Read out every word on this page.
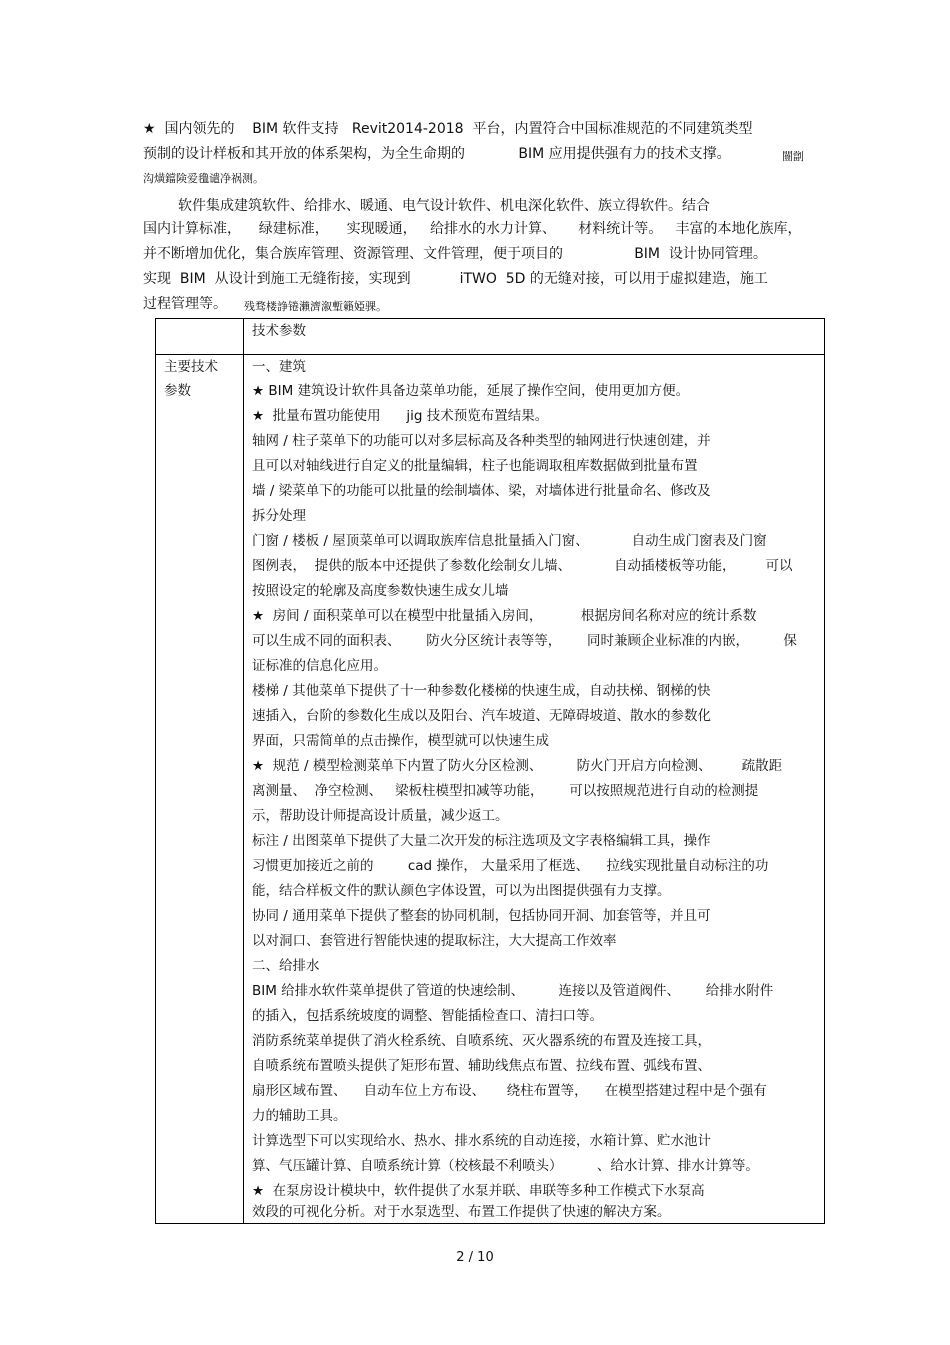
★  国内领先的    BIM 软件支持   Revit2014-2018  平台，内置符合中国标准规范的不同建筑类型
预制的设计样板和其开放的体系架构，为全生命期的            BIM 应用提供强有力的技术支撑。	闓劏
沟熿鐺険爱氇谴净祸测。
软件集成建筑软件、给排水、暖通、电气设计软件、机电深化软件、族立得软件。结合
国内计算标准，    绿建标准，    实现暖通，   给排水的水力计算、     材料统计等。   丰富的本地化族库，
并不断增加优化，集合族库管理、资源管理、文件管理，便于项目的                BIM  设计协同管理。
实现  BIM  从设计到施工无缝衔接，实现到           iTWO  5D 的无缝对接，可以用于虚拟建造，施工
过程管理等。 残骛楼諍锩瀨濟溆塹籟婭骒。
技术参数
主要技术
参数
一、建筑
★ BIM 建筑设计软件具备边菜单功能，延展了操作空间，使用更加方便。
★  批量布置功能使用      jig 技术预览布置结果。
轴网 / 柱子菜单下的功能可以对多层标高及各种类型的轴网进行快速创建，并
且可以对轴线进行自定义的批量编辑，柱子也能调取租库数据做到批量布置
墙 / 梁菜单下的功能可以批量的绘制墙体、梁，对墙体进行批量命名、修改及
拆分处理
门窗 / 楼板 / 屋顶菜单可以调取族库信息批量插入门窗、          自动生成门窗表及门窗
图例表，  提供的版本中还提供了参数化绘制女儿墙、          自动插楼板等功能，       可以
按照设定的轮廓及高度参数快速生成女儿墙
★  房间 / 面积菜单可以在模型中批量插入房间，         根据房间名称对应的统计系数
可以生成不同的面积表、      防火分区统计表等等，      同时兼顾企业标准的内嵌，        保
证标准的信息化应用。
楼梯 / 其他菜单下提供了十一种参数化楼梯的快速生成，自动扶梯、钢梯的快
速插入，台阶的参数化生成以及阳台、汽车坡道、无障碍坡道、散水的参数化
界面，只需简单的点击操作，模型就可以快速生成
★  规范 / 模型检测菜单下内置了防火分区检测、        防火门开启方向检测、       疏散距
离测量、  净空检测、   梁板柱模型扣减等功能，      可以按照规范进行自动的检测提
示，帮助设计师提高设计质量，减少返工。
标注 / 出图菜单下提供了大量二次开发的标注选项及文字表格编辑工具，操作
习惯更加接近之前的        cad 操作， 大量采用了框选、    拉线实现批量自动标注的功
能，结合样板文件的默认颜色字体设置，可以为出图提供强有力支撑。
协同 / 通用菜单下提供了整套的协同机制，包括协同开洞、加套管等，并且可
以对洞口、套管进行智能快速的提取标注，大大提高工作效率
二、给排水
BIM 给排水软件菜单提供了管道的快速绘制、        连接以及管道阀件、      给排水附件
的插入，包括系统坡度的调整、智能插检查口、清扫口等。
消防系统菜单提供了消火栓系统、自喷系统、灭火器系统的布置及连接工具，
自喷系统布置喷头提供了矩形布置、辅助线焦点布置、拉线布置、弧线布置、
扇形区域布置、    自动车位上方布设、     绕柱布置等，    在模型搭建过程中是个强有
力的辅助工具。
计算选型下可以实现给水、热水、排水系统的自动连接，水箱计算、贮水池计
算、气压罐计算、自喷系统计算（校核最不利喷头）        、给水计算、排水计算等。
★  在泵房设计模块中，软件提供了水泵并联、串联等多种工作模式下水泵高
效段的可视化分析。对于水泵选型、布置工作提供了快速的解决方案。
2 / 10
